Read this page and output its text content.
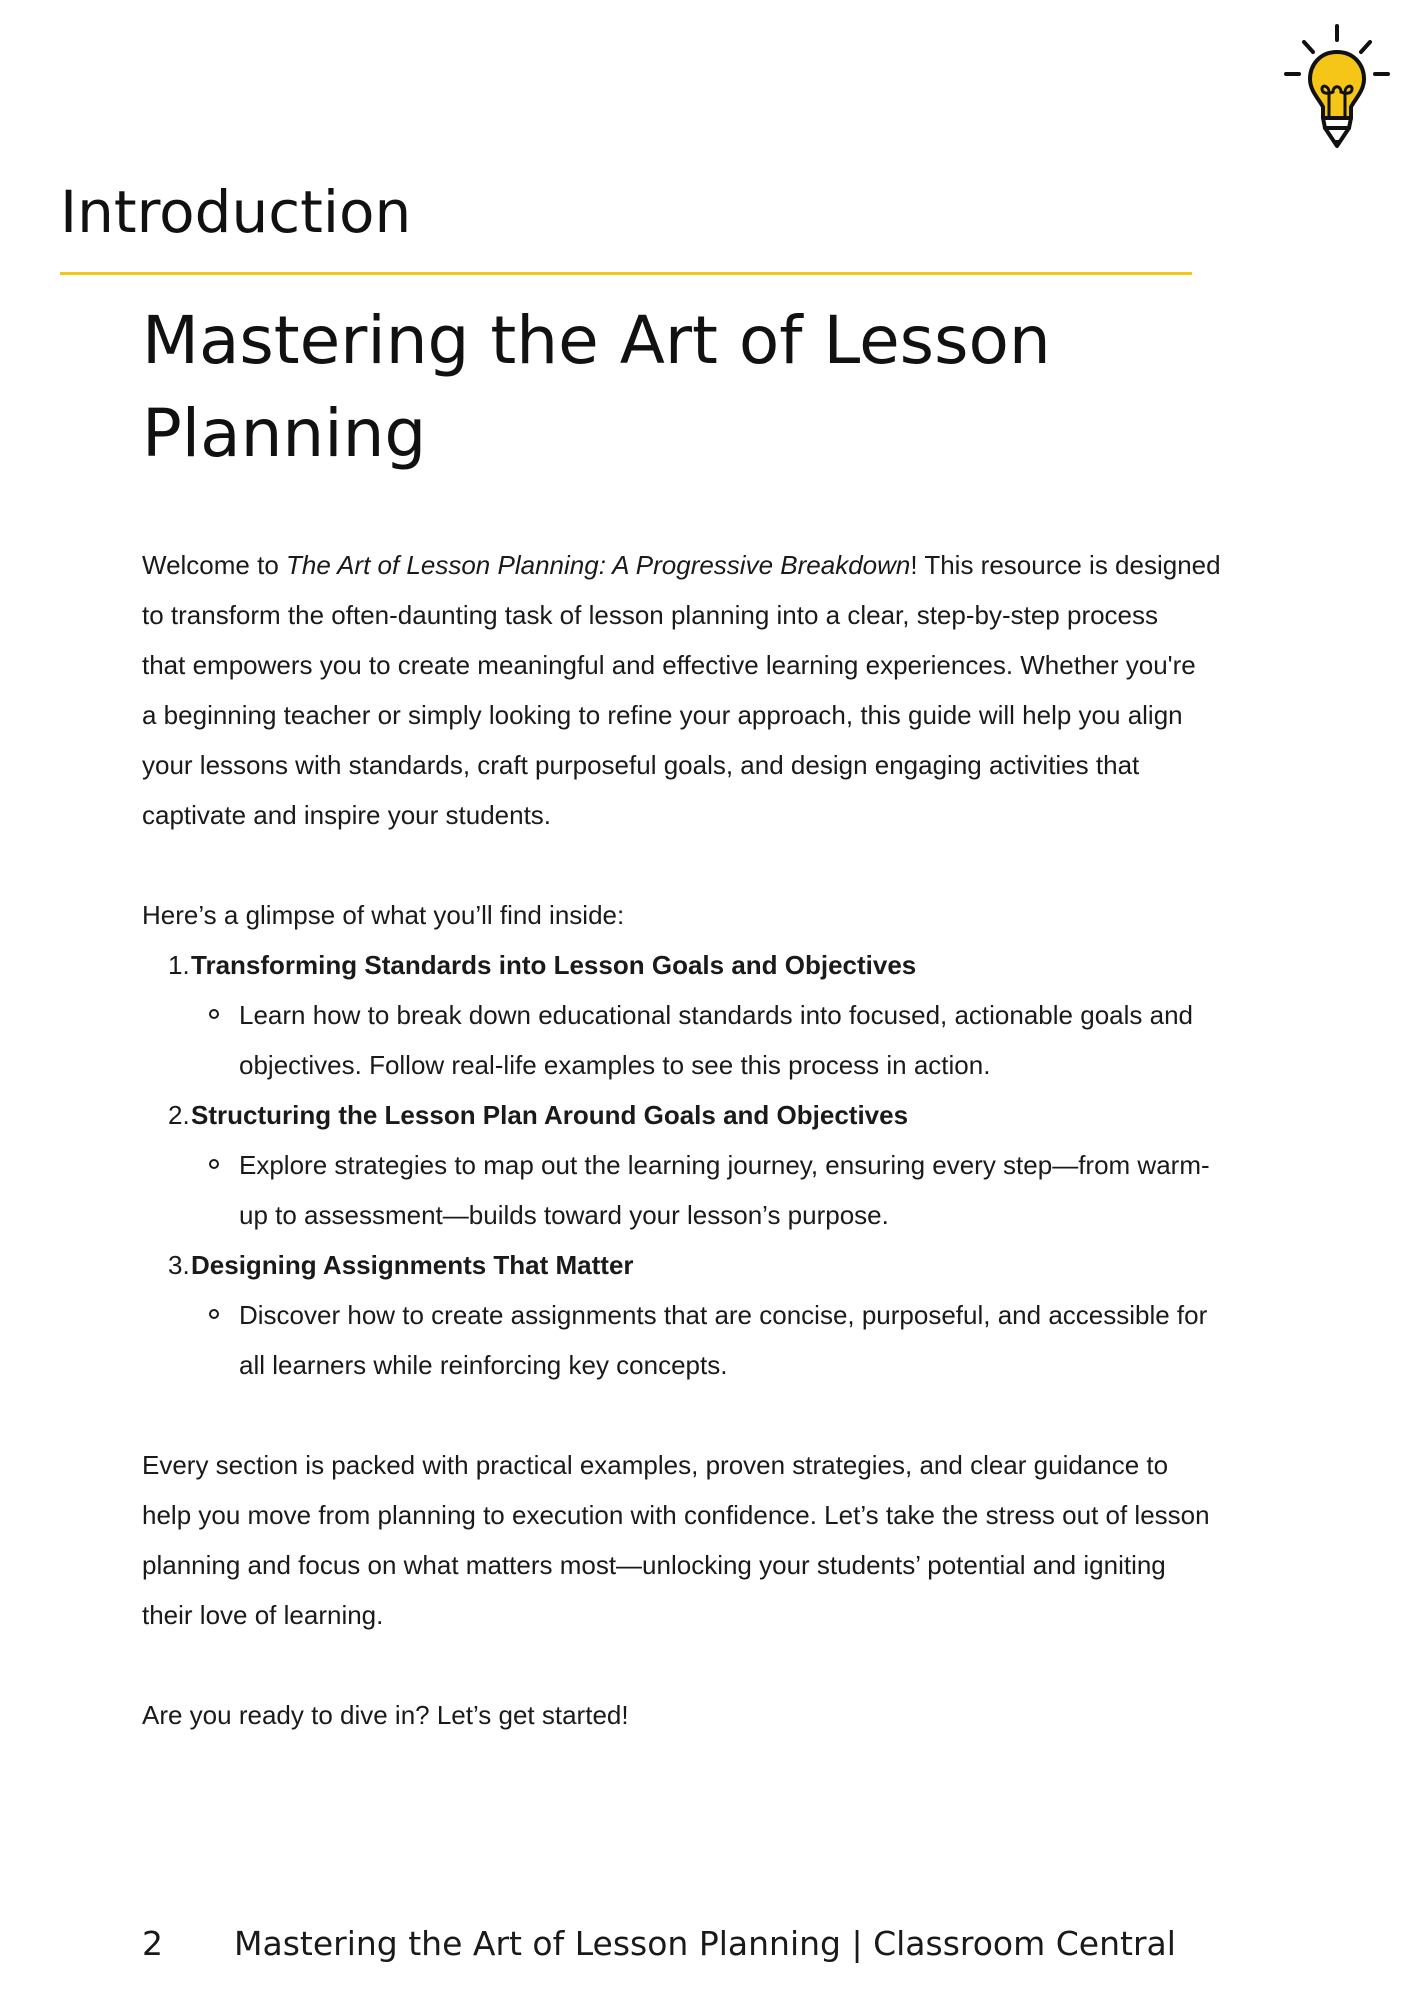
Introduction
Mastering the Art of Lesson
Planning

Welcome to The Art of Lesson Planning: A Progressive Breakdown! This resource is designed
to transform the often-daunting task of lesson planning into a clear, step-by-step process
that empowers you to create meaningful and effective learning experiences. Whether you're
a beginning teacher or simply looking to refine your approach, this guide will help you align
your lessons with standards, craft purposeful goals, and design engaging activities that
captivate and inspire your students.

Here’s a glimpse of what you’ll find inside:

1. Transforming Standards into Lesson Goals and Objectives
Learn how to break down educational standards into focused, actionable goals and
objectives. Follow real-life examples to see this process in action.
2. Structuring the Lesson Plan Around Goals and Objectives
Explore strategies to map out the learning journey, ensuring every step—from warm-
up to assessment—builds toward your lesson’s purpose.
3. Designing Assignments That Matter
Discover how to create assignments that are concise, purposeful, and accessible for
all learners while reinforcing key concepts.

Every section is packed with practical examples, proven strategies, and clear guidance to
help you move from planning to execution with confidence. Let’s take the stress out of lesson
planning and focus on what matters most—unlocking your students’ potential and igniting
their love of learning.

Are you ready to dive in? Let’s get started!

2 Mastering the Art of Lesson Planning | Classroom Central
